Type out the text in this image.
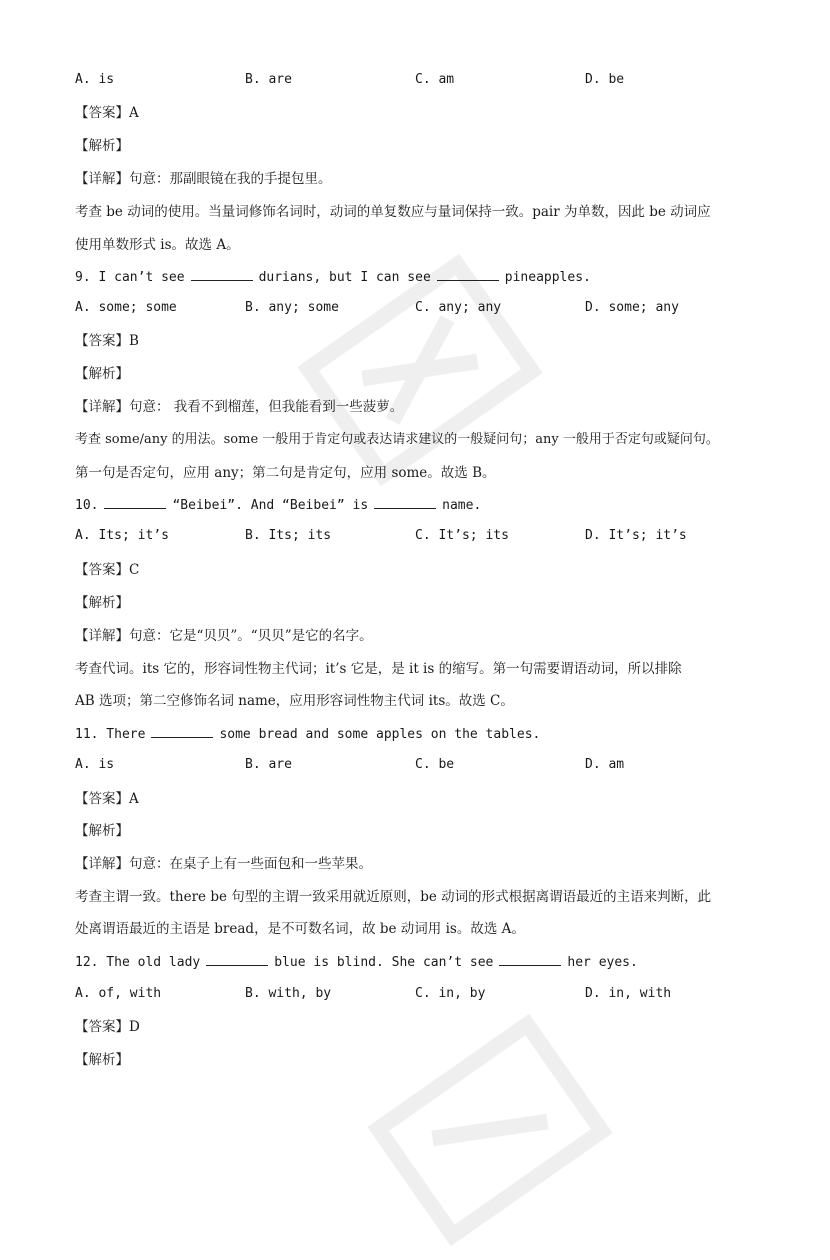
A. is	B. are	C. am	D. be
【答案】A
【解析】
【详解】句意：那副眼镜在我的手提包里。
考查 be 动词的使用。当量词修饰名词时，动词的单复数应与量词保持一致。pair 为单数，因此 be 动词应
使用单数形式 is。故选 A。
9. I can’t see	durians, but I can see	pineapples.
A. some; some	B. any; some	C. any; any	D. some; any
【答案】B
【解析】
【详解】句意： 我看不到榴莲，但我能看到一些菠萝。
考查 some/any 的用法。some 一般用于肯定句或表达请求建议的一般疑问句；any 一般用于否定句或疑问句。
第一句是否定句，应用 any；第二句是肯定句，应用 some。故选 B。
10.	“Beibei”. And “Beibei” is	name.
A. Its; it’s	B. Its; its	C. It’s; its	D. It’s; it’s
【答案】C
【解析】
【详解】句意：它是“贝贝”。“贝贝”是它的名字。
考查代词。its 它的，形容词性物主代词；it’s 它是，是 it is 的缩写。第一句需要谓语动词，所以排除
AB 选项；第二空修饰名词 name，应用形容词性物主代词 its。故选 C。
11. There	some bread and some apples on the tables.
A. is	B. are	C. be	D. am
【答案】A
【解析】
【详解】句意：在桌子上有一些面包和一些苹果。
考查主谓一致。there be 句型的主谓一致采用就近原则，be 动词的形式根据离谓语最近的主语来判断，此
处离谓语最近的主语是 bread，是不可数名词，故 be 动词用 is。故选 A。
12. The old lady	blue is blind. She can’t see	her eyes.
A. of, with	B. with, by	C. in, by	D. in, with
【答案】D
【解析】
